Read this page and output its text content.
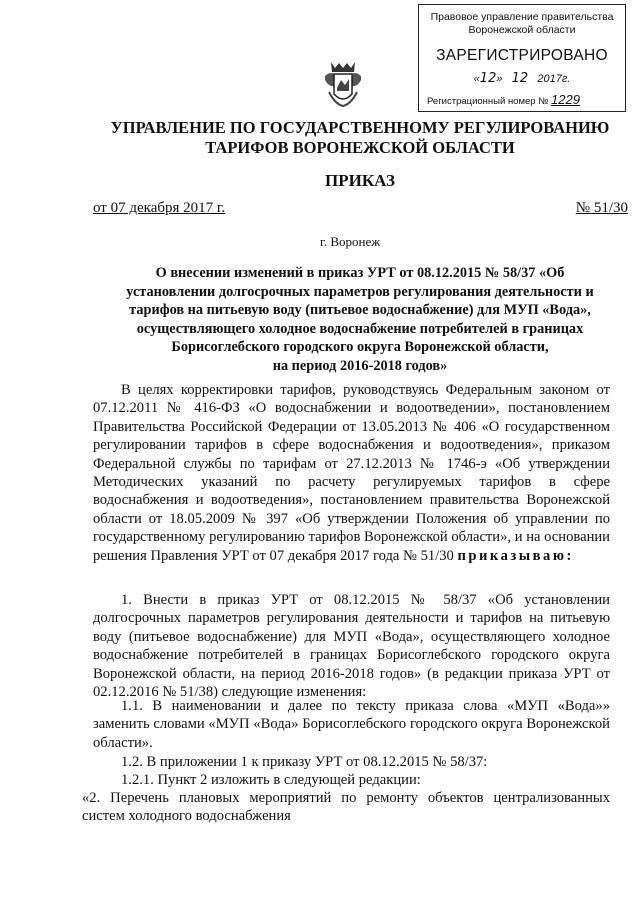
Правовое управление правительства
Воронежской области
ЗАРЕГИСТРИРОВАНО
«12»   12 2017г.
Регистрационный номер № 1229
УПРАВЛЕНИЕ ПО ГОСУДАРСТВЕННОМУ РЕГУЛИРОВАНИЮ
ТАРИФОВ ВОРОНЕЖСКОЙ ОБЛАСТИ
ПРИКАЗ
от 07 декабря 2017 г.	№ 51/30
г. Воронеж
О внесении изменений в приказ УРТ от 08.12.2015 № 58/37 «Об
установлении долгосрочных параметров регулирования деятельности и
тарифов на питьевую воду (питьевое водоснабжение) для МУП «Вода»,
осуществляющего холодное водоснабжение потребителей в границах
Борисоглебского городского округа Воронежской области,
на период 2016-2018 годов»
В целях корректировки тарифов, руководствуясь Федеральным законом от 07.12.2011 № 416-ФЗ «О водоснабжении и водоотведении», постановлением Правительства Российской Федерации от 13.05.2013 № 406 «О государственном регулировании тарифов в сфере водоснабжения и водоотведения», приказом Федеральной службы по тарифам от 27.12.2013 № 1746-э «Об утверждении Методических указаний по расчету регулируемых тарифов в сфере водоснабжения и водоотведения», постановлением правительства Воронежской области от 18.05.2009 № 397 «Об утверждении Положения об управлении по государственному регулированию тарифов Воронежской области», и на основании решения Правления УРТ от 07 декабря 2017 года № 51/30 приказываю:
1. Внести в приказ УРТ от 08.12.2015 № 58/37 «Об установлении долгосрочных параметров регулирования деятельности и тарифов на питьевую воду (питьевое водоснабжение) для МУП «Вода», осуществляющего холодное водоснабжение потребителей в границах Борисоглебского городского округа Воронежской области, на период 2016-2018 годов» (в редакции приказа УРТ от 02.12.2016 № 51/38) следующие изменения:
1.1. В наименовании и далее по тексту приказа слова «МУП «Вода»» заменить словами «МУП «Вода» Борисоглебского городского округа Воронежской области».
1.2. В приложении 1 к приказу УРТ от 08.12.2015 № 58/37:
1.2.1. Пункт 2 изложить в следующей редакции:
«2. Перечень плановых мероприятий по ремонту объектов централизованных систем холодного водоснабжения
